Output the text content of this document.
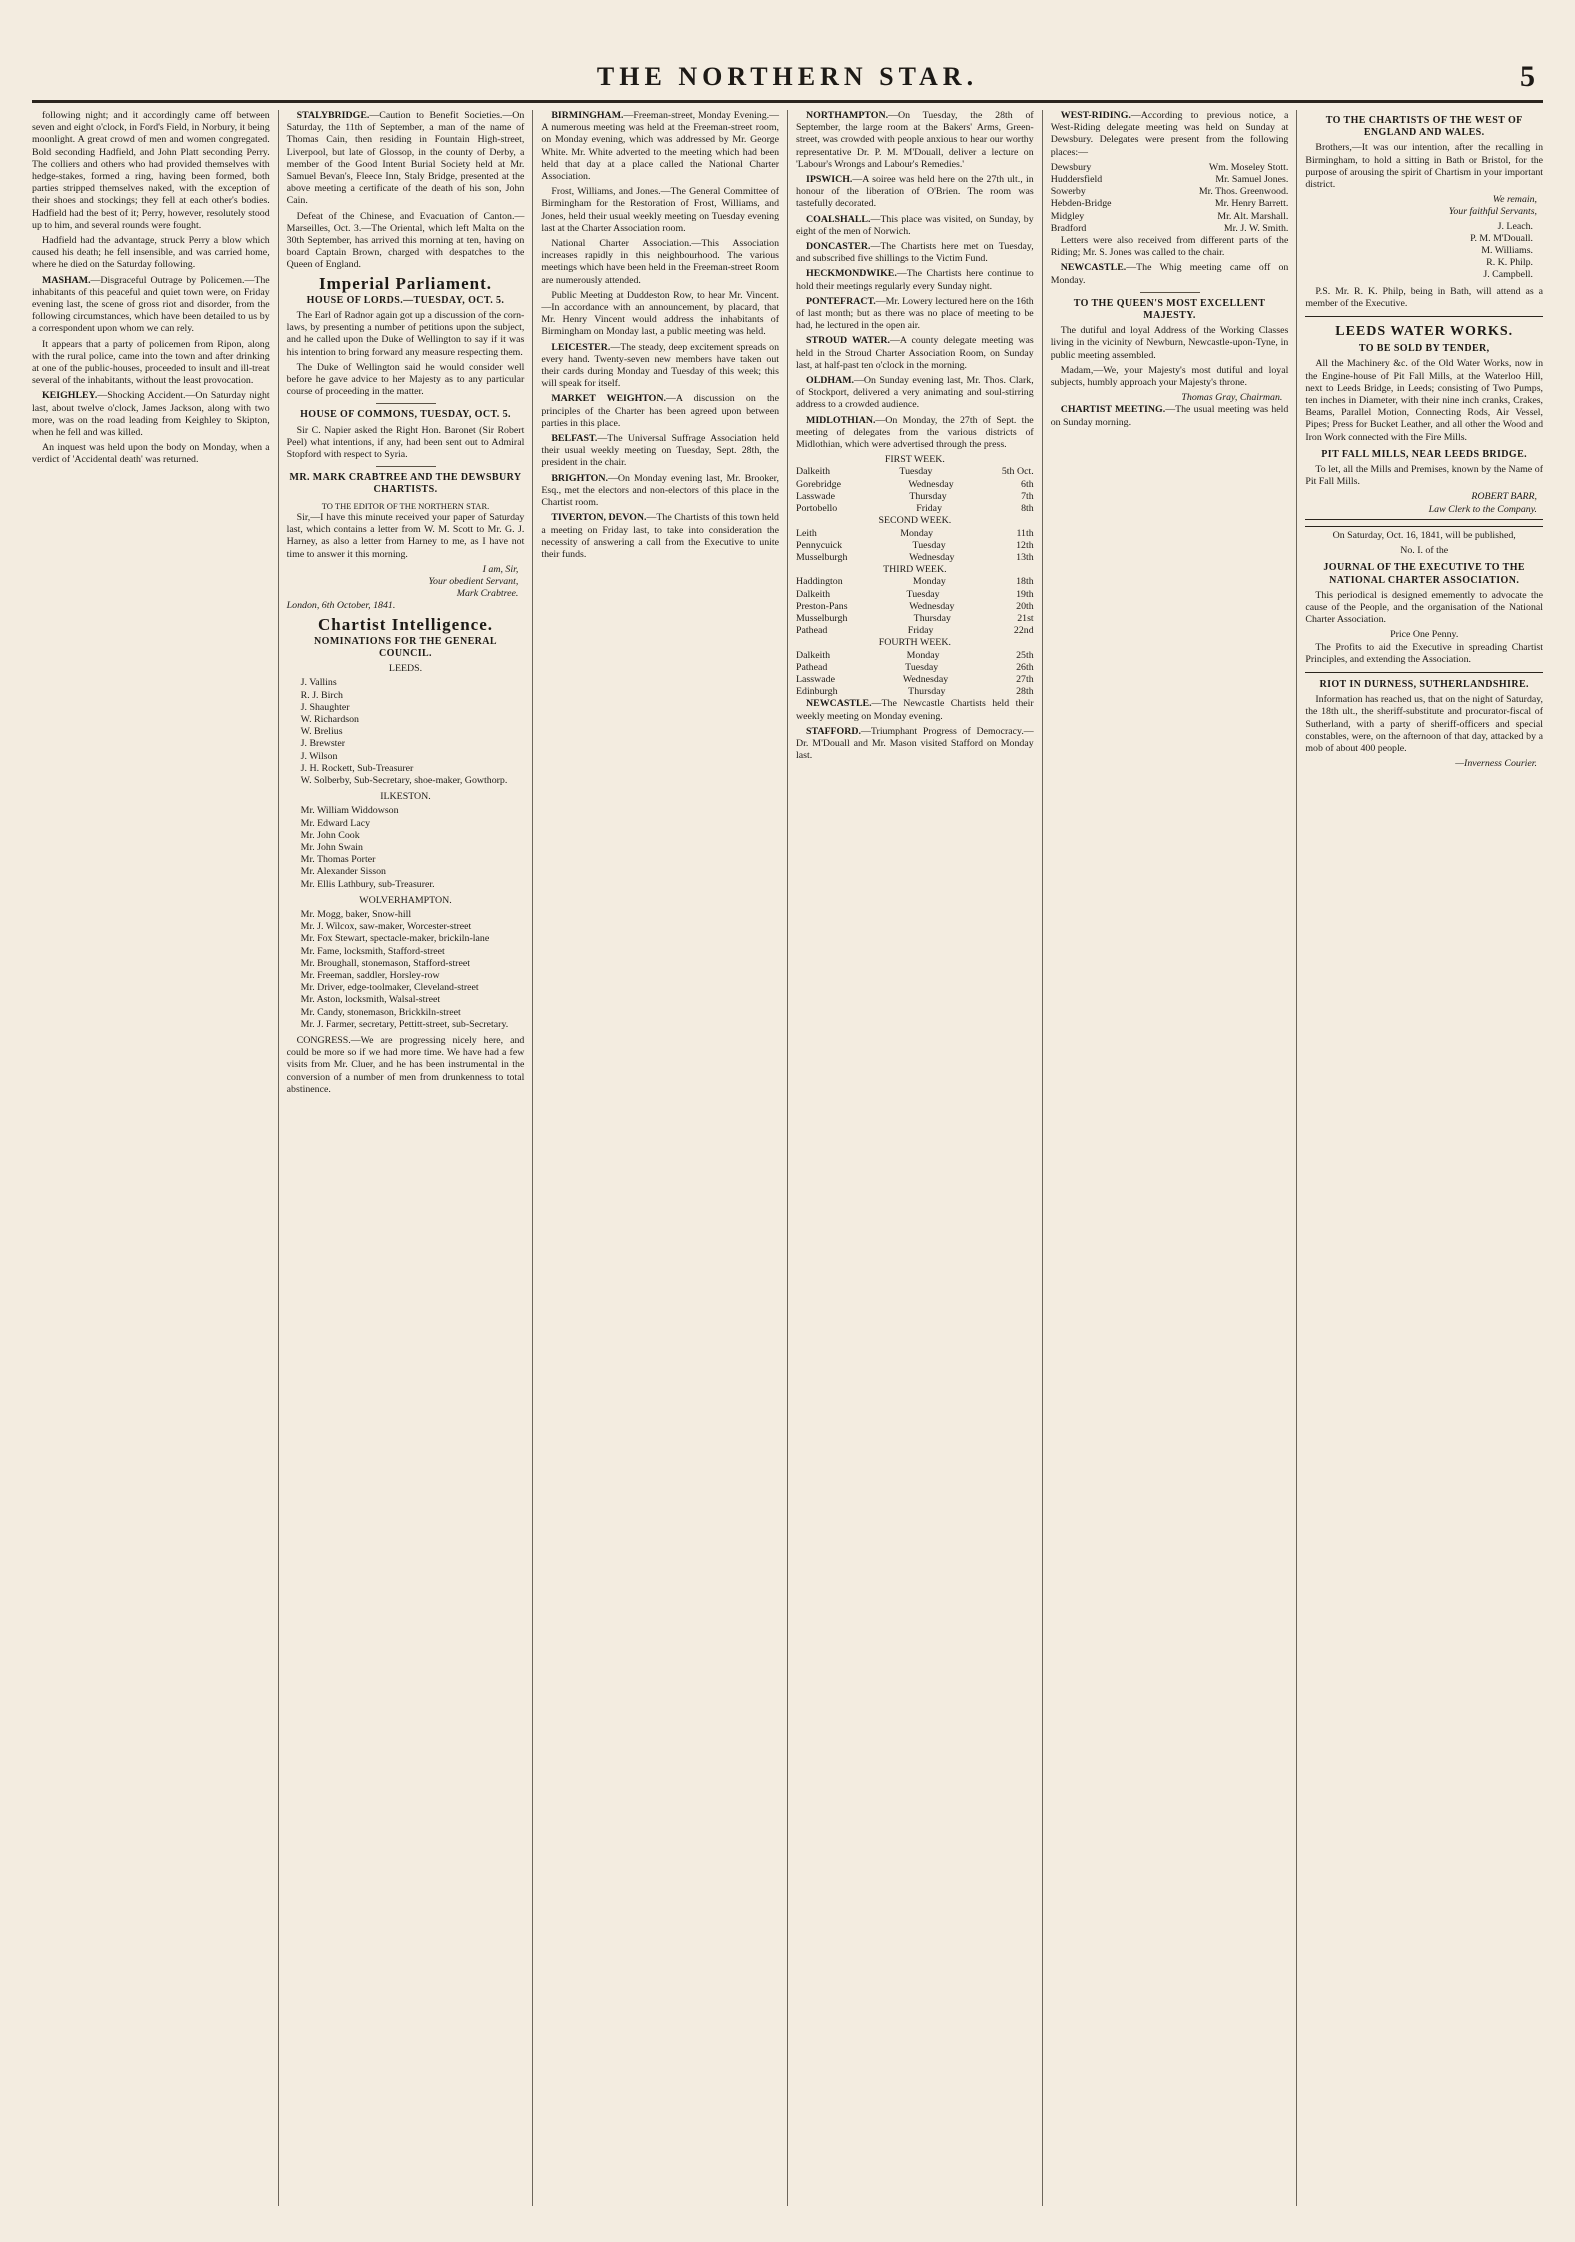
THE NORTHERN STAR.	5

following night; and it accordingly came off between seven and eight o'clock, in Ford's Field, in Norbury, it being moonlight. A great crowd of men and women congregated. Bold seconding Hadfield, and John Platt seconding Perry. The colliers and others who had provided themselves with hedge-stakes, formed a ring, having been formed, both parties stripped themselves naked, with the exception of their shoes and stockings; they fell at each other's bodies. Hadfield had the best of it; Perry, however, resolutely stood up to him, and several rounds were fought.

Hadfield had the advantage, struck Perry a blow which caused his death; he fell insensible, and was carried home, where he died on the Saturday following.

MASHAM.—Disgraceful Outrage by Policemen.—The inhabitants of this peaceful and quiet town were, on Friday evening last, the scene of gross riot and disorder, from the following circumstances, which have been detailed to us by a correspondent upon whom we can rely.

It appears that a party of policemen from Ripon, along with the rural police, came into the town and after drinking at one of the public-houses, proceeded to insult and ill-treat several of the inhabitants, without the least provocation.

KEIGHLEY.—Shocking Accident.—On Saturday night last, about twelve o'clock, James Jackson, along with two more, was on the road leading from Keighley to Skipton, when he fell and was killed.

An inquest was held upon the body on Monday, when a verdict of 'Accidental death' was returned.

STALYBRIDGE.—Caution to Benefit Societies.—On Saturday, the 11th of September, a man of the name of Thomas Cain, then residing in Fountain High-street, Liverpool, but late of Glossop, in the county of Derby, a member of the Good Intent Burial Society held at Mr. Samuel Bevan's, Fleece Inn, Staly Bridge, presented at the above meeting a certificate of the death of his son, John Cain.

Defeat of the Chinese, and Evacuation of Canton.—Marseilles, Oct. 3.—The Oriental, which left Malta on the 30th September, has arrived this morning at ten, having on board Captain Brown, charged with despatches to the Queen of England.

Imperial Parliament.
HOUSE OF LORDS.—TUESDAY, OCT. 5.

The Earl of Radnor again got up a discussion of the corn-laws, by presenting a number of petitions upon the subject, and he called upon the Duke of Wellington to say if it was his intention to bring forward any measure respecting them.

The Duke of Wellington said he would consider well before he gave advice to her Majesty as to any particular course of proceeding in the matter.

HOUSE OF COMMONS, TUESDAY, OCT. 5.

Sir C. Napier asked the Right Hon. Baronet (Sir Robert Peel) what intentions, if any, had been sent out to Admiral Stopford with respect to Syria.

MR. MARK CRABTREE AND THE DEWSBURY CHARTISTS.
TO THE EDITOR OF THE NORTHERN STAR.

Sir,—I have this minute received your paper of Saturday last, which contains a letter from W. M. Scott to Mr. G. J. Harney, as also a letter from Harney to me, as I have not time to answer it this morning.

I am, Sir,
Your obedient Servant,
Mark Crabtree.
London, 6th October, 1841.
Chartist Intelligence.
NOMINATIONS FOR THE GENERAL COUNCIL.
LEEDS.
J. Vallins
R. J. Birch
J. Shaughter
W. Richardson
W. Brelius
J. Brewster
J. Wilson
J. H. Rockett, Sub-Treasurer
W. Solberby, Sub-Secretary, shoe-maker, Gowthorp.
ILKESTON.
Mr. William Widdowson
Mr. Edward Lacy
Mr. John Cook
Mr. John Swain
Mr. Thomas Porter
Mr. Alexander Sisson
Mr. Ellis Lathbury, sub-Treasurer.
WOLVERHAMPTON.
Mr. Mogg, baker, Snow-hill
Mr. J. Wilcox, saw-maker, Worcester-street
Mr. Fox Stewart, spectacle-maker, brickiln-lane
Mr. Fame, locksmith, Stafford-street
Mr. Broughall, stonemason, Stafford-street
Mr. Freeman, saddler, Horsley-row
Mr. Driver, edge-toolmaker, Cleveland-street
Mr. Aston, locksmith, Walsal-street
Mr. Candy, stonemason, Brickkiln-street
Mr. J. Farmer, secretary, Pettitt-street, sub-Secretary.

CONGRESS.—We are progressing nicely here, and could be more so if we had more time. We have had a few visits from Mr. Cluer, and he has been instrumental in the conversion of a number of men from drunkenness to total abstinence.

BIRMINGHAM.—Freeman-street, Monday Evening.—A numerous meeting was held at the Freeman-street room, on Monday evening, which was addressed by Mr. George White. Mr. White adverted to the meeting which had been held that day at a place called the National Charter Association.

Frost, Williams, and Jones.—The General Committee of Birmingham for the Restoration of Frost, Williams, and Jones, held their usual weekly meeting on Tuesday evening last at the Charter Association room.

National Charter Association.—This Association increases rapidly in this neighbourhood. The various meetings which have been held in the Freeman-street Room are numerously attended.

Public Meeting at Duddeston Row, to hear Mr. Vincent.—In accordance with an announcement, by placard, that Mr. Henry Vincent would address the inhabitants of Birmingham on Monday last, a public meeting was held.

LEICESTER.—The steady, deep excitement spreads on every hand. Twenty-seven new members have taken out their cards during Monday and Tuesday of this week; this will speak for itself.

MARKET WEIGHTON.—A discussion on the principles of the Charter has been agreed upon between parties in this place.

BELFAST.—The Universal Suffrage Association held their usual weekly meeting on Tuesday, Sept. 28th, the president in the chair.

BRIGHTON.—On Monday evening last, Mr. Brooker, Esq., met the electors and non-electors of this place in the Chartist room.

TIVERTON, DEVON.—The Chartists of this town held a meeting on Friday last, to take into consideration the necessity of answering a call from the Executive to unite their funds.

NORTHAMPTON.—On Tuesday, the 28th of September, the large room at the Bakers' Arms, Green-street, was crowded with people anxious to hear our worthy representative Dr. P. M. M'Douall, deliver a lecture on 'Labour's Wrongs and Labour's Remedies.'

IPSWICH.—A soiree was held here on the 27th ult., in honour of the liberation of O'Brien. The room was tastefully decorated.

COALSHALL.—This place was visited, on Sunday, by eight of the men of Norwich.

DONCASTER.—The Chartists here met on Tuesday, and subscribed five shillings to the Victim Fund.

HECKMONDWIKE.—The Chartists here continue to hold their meetings regularly every Sunday night.

PONTEFRACT.—Mr. Lowery lectured here on the 16th of last month; but as there was no place of meeting to be had, he lectured in the open air.

STROUD WATER.—A county delegate meeting was held in the Stroud Charter Association Room, on Sunday last, at half-past ten o'clock in the morning.

OLDHAM.—On Sunday evening last, Mr. Thos. Clark, of Stockport, delivered a very animating and soul-stirring address to a crowded audience.

MIDLOTHIAN.—On Monday, the 27th of Sept. the meeting of delegates from the various districts of Midlothian, which were advertised through the press.

FIRST WEEK.
Dalkeith	Tuesday	5th Oct.
Gorebridge	Wednesday	6th
Lasswade	Thursday	7th
Portobello	Friday	8th
SECOND WEEK.
Leith	Monday	11th
Pennycuick	Tuesday	12th
Musselburgh	Wednesday	13th
THIRD WEEK.
Haddington	Monday	18th
Dalkeith	Tuesday	19th
Preston-Pans	Wednesday	20th
Musselburgh	Thursday	21st
Pathead	Friday	22nd
FOURTH WEEK.
Dalkeith	Monday	25th
Pathead	Tuesday	26th
Lasswade	Wednesday	27th
Edinburgh	Thursday	28th

NEWCASTLE.—The Newcastle Chartists held their weekly meeting on Monday evening.

STAFFORD.—Triumphant Progress of Democracy.—Dr. M'Douall and Mr. Mason visited Stafford on Monday last.

WEST-RIDING.—According to previous notice, a West-Riding delegate meeting was held on Sunday at Dewsbury. Delegates were present from the following places:—

Dewsbury	Wm. Moseley Stott.
Huddersfield	Mr. Samuel Jones.
Sowerby	Mr. Thos. Greenwood.
Hebden-Bridge	Mr. Henry Barrett.
Midgley	Mr. Alt. Marshall.
Bradford	Mr. J. W. Smith.

Letters were also received from different parts of the Riding; Mr. S. Jones was called to the chair.

NEWCASTLE.—The Whig meeting came off on Monday.

TO THE QUEEN'S MOST EXCELLENT MAJESTY.

The dutiful and loyal Address of the Working Classes living in the vicinity of Newburn, Newcastle-upon-Tyne, in public meeting assembled.

Madam,—We, your Majesty's most dutiful and loyal subjects, humbly approach your Majesty's throne.

Thomas Gray, Chairman.

CHARTIST MEETING.—The usual meeting was held on Sunday morning.

TO THE CHARTISTS OF THE WEST OF ENGLAND AND WALES.

Brothers,—It was our intention, after the recalling in Birmingham, to hold a sitting in Bath or Bristol, for the purpose of arousing the spirit of Chartism in your important district.

We remain,
Your faithful Servants,
J. Leach.
P. M. M'Douall.
M. Williams.
R. K. Philp.
J. Campbell.

P.S. Mr. R. K. Philp, being in Bath, will attend as a member of the Executive.

LEEDS WATER WORKS.
TO BE SOLD BY TENDER,

All the Machinery &c. of the Old Water Works, now in the Engine-house of Pit Fall Mills, at the Waterloo Hill, next to Leeds Bridge, in Leeds; consisting of Two Pumps, ten inches in Diameter, with their nine inch cranks, Crakes, Beams, Parallel Motion, Connecting Rods, Air Vessel, Pipes; Press for Bucket Leather, and all other the Wood and Iron Work connected with the Fire Mills.

PIT FALL MILLS, NEAR LEEDS BRIDGE.

To let, all the Mills and Premises, known by the Name of Pit Fall Mills.

ROBERT BARR,
Law Clerk to the Company.

On Saturday, Oct. 16, 1841, will be published,

No. I. of the
JOURNAL OF THE EXECUTIVE TO THE NATIONAL CHARTER ASSOCIATION.

This periodical is designed ememently to advocate the cause of the People, and the organisation of the National Charter Association.

Price One Penny.

The Profits to aid the Executive in spreading Chartist Principles, and extending the Association.

RIOT IN DURNESS, SUTHERLANDSHIRE.

Information has reached us, that on the night of Saturday, the 18th ult., the sheriff-substitute and procurator-fiscal of Sutherland, with a party of sheriff-officers and special constables, were, on the afternoon of that day, attacked by a mob of about 400 people.

—Inverness Courier.
